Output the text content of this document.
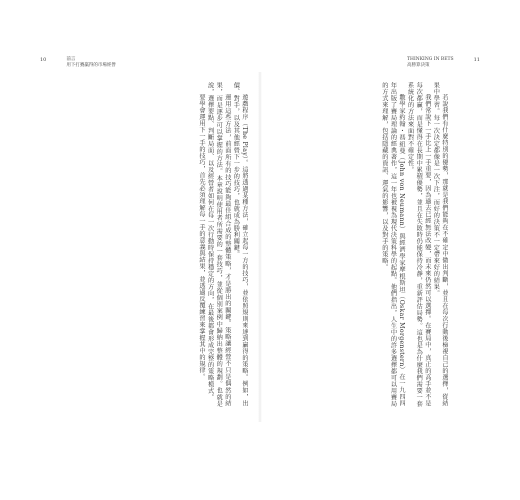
10	前言
用下打賽贏得的市場經營
THINKING IN BETS
高勝算決策
11

遊戲程序（The Play）。這將透過某種方法，確立起每一方的技巧，並依照規則來達到贏得的策略。例如，出價、對手，以及其他經營下一步的技巧，也就成為勝利關鍵。

運用這些方法，前面所有的技巧能夠最佳組合成的整體策略，才是勝出的關鍵。策略讓經營不只是偶然的結果，而是逐步可以掌握的方法。本章說明使用者所需要的一套技巧，並從個別案例中歸納出整體的規劃。也就是說，選擇要點、判斷局面、以及經營者如何在每一次行動時保持穩定的方向，在最後都會形成完整的策略模式。

要學會運用下一手的技巧，首先必須理解每一手的意義與結果，並透過反覆練習來掌握其中的規律。	若說我們有什麼特別的優勢，那就是我們能夠在不確定中做出判斷，並且在每次行動後檢視自己的選擇，從結果中學習。每一次決定都像是一次下注，而好的決策不一定帶來好的結果。

我們常說下一手比上一手重要，因為過去已經無法改變，而未來仍然可以選擇。在賽局中，真正的高手並不是每次都贏，而是懂得在長期中累積優勢，並且在失敗時仍能保持冷靜，重新評估局勢。這也是為什麼我們需要一套系統化的方法來面對不確定性。

數學家約翰・馮紐曼（John von Neumann）與經濟學家摩根斯坦（Oskar Morgenstern）在一九四四年出版了賽局理論的經典著作，這一年也被視為現代決策科學的起點。他們指出，人生中的許多選擇都可以用賽局的方式來理解，包括隱藏的資訊、運氣的影響，以及對手的策略。
